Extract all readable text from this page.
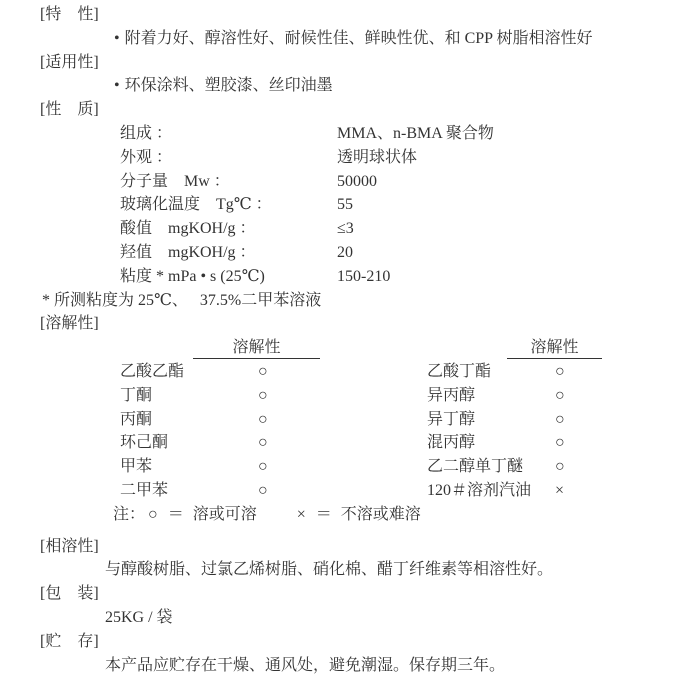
[特　性]
• 附着力好、醇溶性好、耐候性佳、鲜映性优、和 CPP 树脂相溶性好
[适用性]
• 环保涂料、塑胶漆、丝印油墨
[性　质]
组成 ：	MMA、n-BMA 聚合物
外观 ：	透明球状体
分子量　Mw ：	50000
玻璃化温度　Tg℃ ：	55
酸值　mgKOH/g ：	≤3
羟值　mgKOH/g ：	20
粘度 * mPa • s (25℃)	150-210
* 所测粘度为 25℃、　 37.5%二甲苯溶液
[溶解性]
溶解性	溶解性
乙酸乙酯	○	乙酸丁酯	○
丁酮	○	异丙醇	○
丙酮	○	异丁醇	○
环己酮	○	混丙醇	○
甲苯	○	乙二醇单丁醚	○
二甲苯	○	120＃溶剂汽油	×
注： ○ ＝ 溶或可溶	× ＝ 不溶或难溶
[相溶性]
与醇酸树脂、过氯乙烯树脂、硝化棉、醋丁纤维素等相溶性好。
[包　装]
25KG / 袋
[贮　存]
本产品应贮存在干燥、通风处，避免潮湿。保存期三年。
